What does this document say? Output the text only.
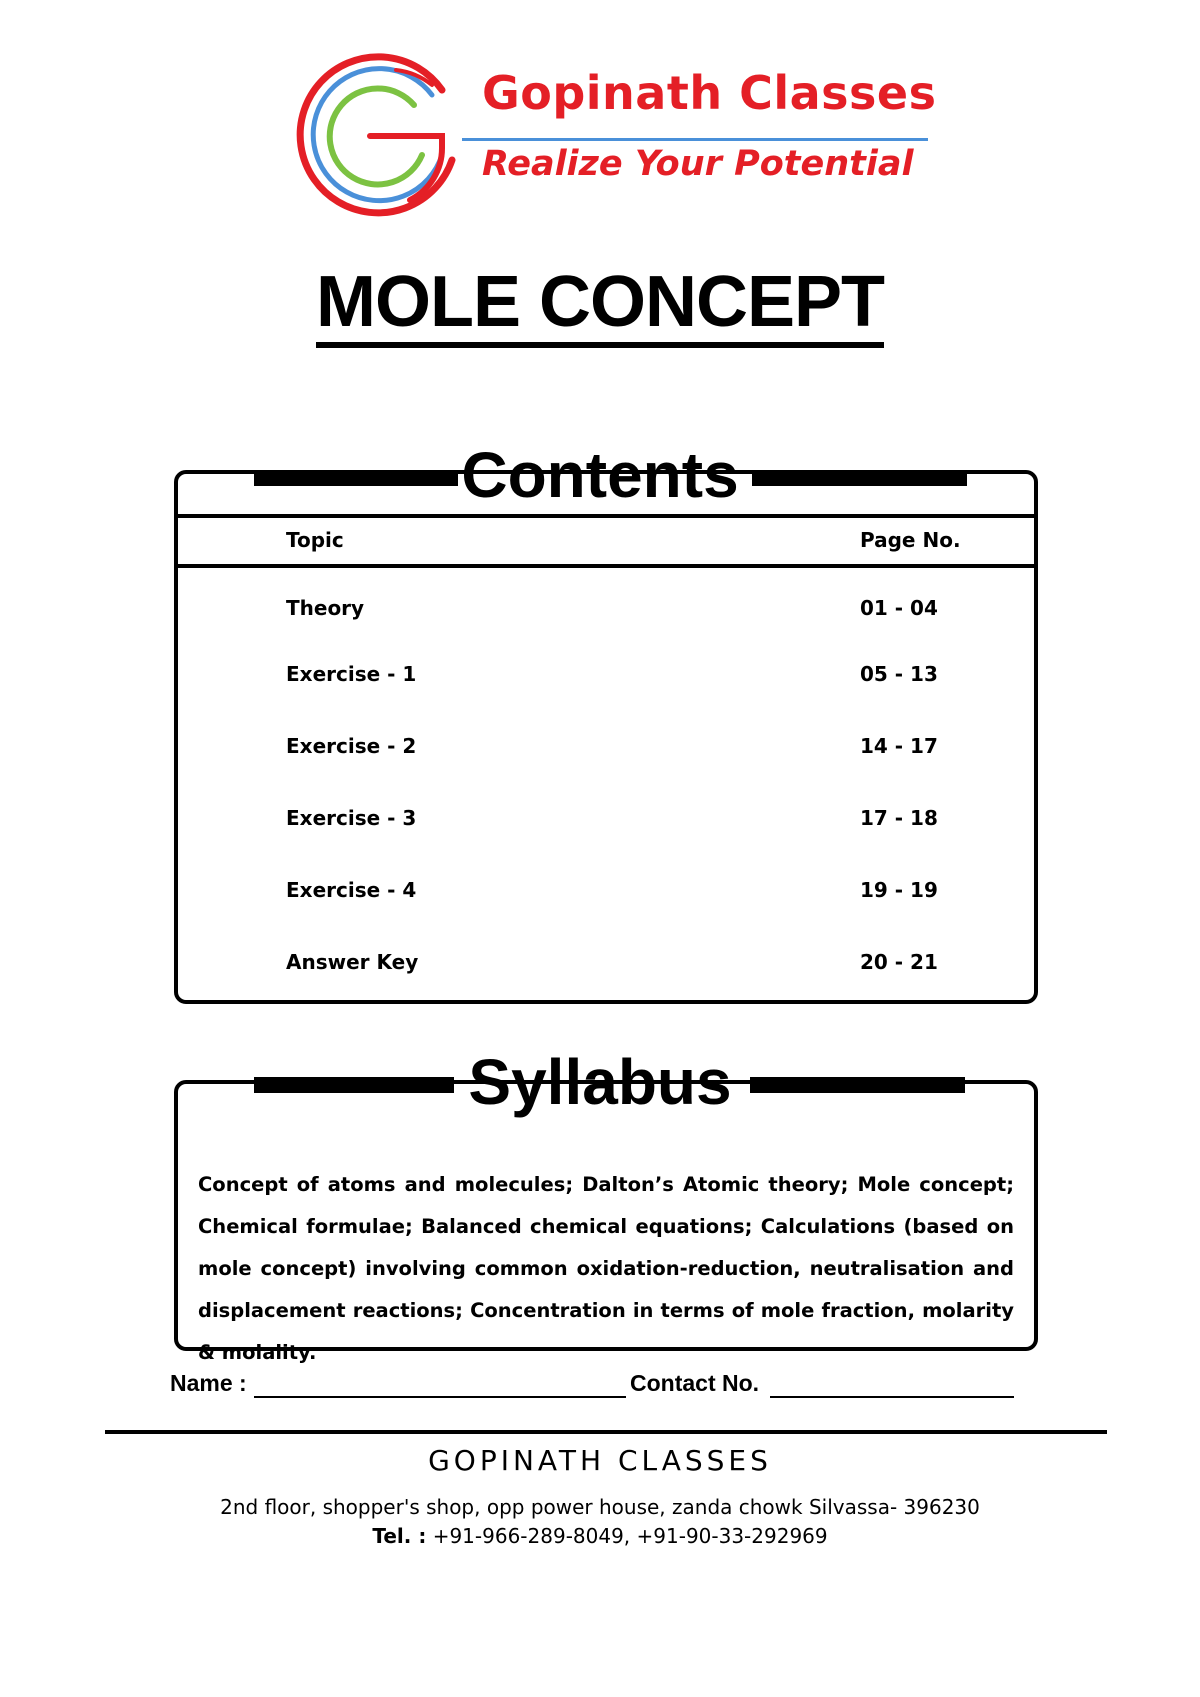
Gopinath Classes
Realize Your Potential
MOLE CONCEPT
Topic	Page No.
Theory	01 - 04
Exercise - 1	05 - 13
Exercise - 2	14 - 17
Exercise - 3	17 - 18
Exercise - 4	19 - 19
Answer Key	20 - 21
Contents
Concept of atoms and molecules; Dalton’s Atomic theory; Mole concept; Chemical formulae; Balanced chemical equations; Calculations (based on mole concept) involving common oxidation-reduction, neutralisation and displacement reactions; Concentration in terms of mole fraction, molarity & molality.
Syllabus
Name :	Contact No.
GOPINATH CLASSES
2nd floor, shopper's shop, opp power house, zanda chowk Silvassa- 396230
Tel. : +91-966-289-8049, +91-90-33-292969
